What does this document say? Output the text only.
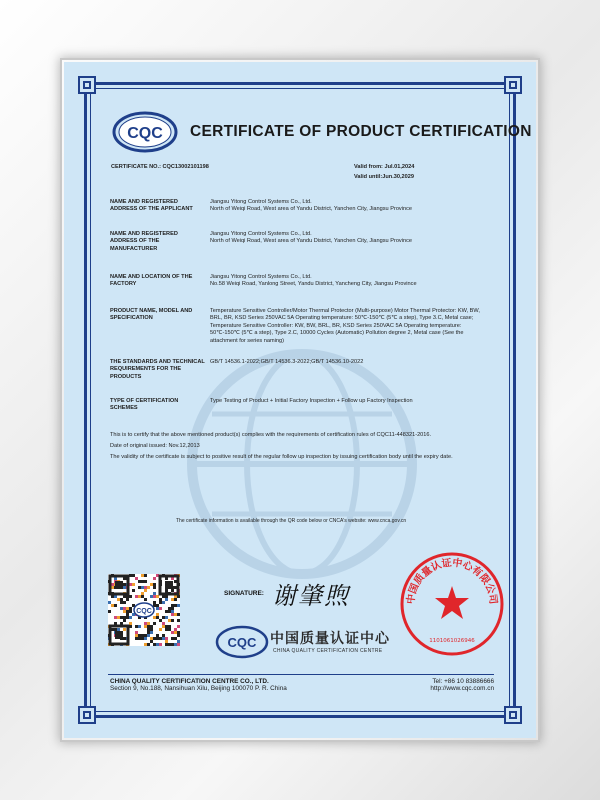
CQC CERTIFICATE OF PRODUCT CERTIFICATION
CERTIFICATE NO.: CQC13002101198	Valid from: Jul.01,2024
Valid until:Jun.30,2029
NAME AND REGISTERED ADDRESS OF THE APPLICANT
Jiangsu Yitong Control Systems Co., Ltd.
North of Weiqi Road, West area of Yandu District, Yanchen City, Jiangsu Province
NAME AND REGISTERED ADDRESS OF THE MANUFACTURER
Jiangsu Yitong Control Systems Co., Ltd.
North of Weiqi Road, West area of Yandu District, Yanchen City, Jiangsu Province
NAME AND LOCATION OF THE FACTORY
Jiangsu Yitong Control Systems Co., Ltd.
No.58 Weiqi Road, Yanlong Street, Yandu District, Yancheng City, Jiangsu Province
PRODUCT NAME, MODEL AND SPECIFICATION
Temperature Sensitive Controller/Motor Thermal Protector (Multi-purpose) Motor Thermal Protector: KW, BW, BRL, BR, KSD Series 250VAC 5A Operating temperature: 50℃-150℃ (5℃ a step), Type 3.C, Metal case; Temperature Sensitive Controller: KW, BW, BRL, BR, KSD Series 250VAC 5A Operating temperature: 50℃-150℃ (5℃ a step), Type 2.C, 10000 Cycles (Automatic) Pollution degree 2, Metal case (See the attachment for series naming)
THE STANDARDS AND TECHNICAL REQUIREMENTS FOR THE PRODUCTS
GB/T 14536.1-2022;GB/T 14536.3-2022;GB/T 14536.10-2022
TYPE OF CERTIFICATION SCHEMES
Type Testing of Product + Initial Factory Inspection + Follow up Factory Inspection
This is to certify that the above mentioned product(s) complies with the requirements of certification rules of CQC11-448321-2016.
Date of original issued: Nov.12,2013
The validity of the certificate is subject to positive result of the regular follow up inspection by issuing certification body until the expiry date.
The certificate information is available through the QR code below or CNCA's website: www.cnca.gov.cn
CQC
SIGNATURE: 谢肇煦
CQC 中国质量认证中心
CHINA QUALITY CERTIFICATION CENTRE
中国质量认证中心有限公司
1101061026946
CHINA QUALITY CERTIFICATION CENTRE CO., LTD.
Section 9, No.188, Nansihuan Xilu, Beijing 100070 P. R. China
Tel: +86 10 83886666
http://www.cqc.com.cn
